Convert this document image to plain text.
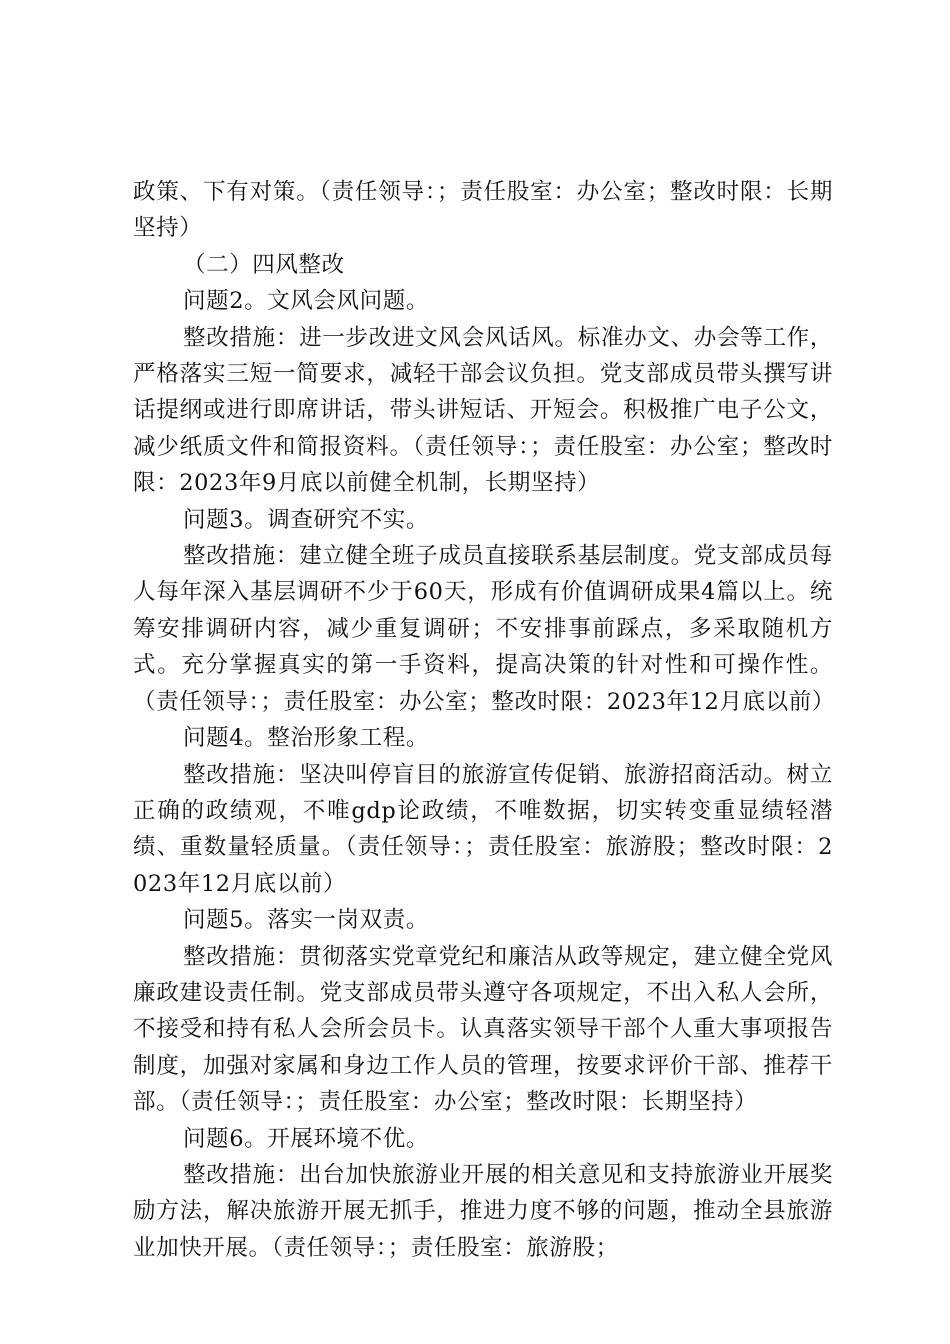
政策、下有对策。（责任领导：；责任股室：办公室；整改时限：长期坚持）

（二）四风整改

问题2。文风会风问题。

整改措施：进一步改进文风会风话风。标准办文、办会等工作，严格落实三短一简要求，减轻干部会议负担。党支部成员带头撰写讲话提纲或进行即席讲话，带头讲短话、开短会。积极推广电子公文，减少纸质文件和简报资料。（责任领导：；责任股室：办公室；整改时限：2023年9月底以前健全机制，长期坚持）

问题3。调查研究不实。

整改措施：建立健全班子成员直接联系基层制度。党支部成员每人每年深入基层调研不少于60天，形成有价值调研成果4篇以上。统筹安排调研内容，减少重复调研；不安排事前踩点，多采取随机方式。充分掌握真实的第一手资料，提高决策的针对性和可操作性。（责任领导：；责任股室：办公室；整改时限：2023年12月底以前）

问题4。整治形象工程。

整改措施：坚决叫停盲目的旅游宣传促销、旅游招商活动。树立正确的政绩观，不唯gdp论政绩，不唯数据，切实转变重显绩轻潜绩、重数量轻质量。（责任领导：；责任股室：旅游股；整改时限：2023年12月底以前）

问题5。落实一岗双责。

整改措施：贯彻落实党章党纪和廉洁从政等规定，建立健全党风廉政建设责任制。党支部成员带头遵守各项规定，不出入私人会所，不接受和持有私人会所会员卡。认真落实领导干部个人重大事项报告制度，加强对家属和身边工作人员的管理，按要求评价干部、推荐干部。（责任领导：；责任股室：办公室；整改时限：长期坚持）

问题6。开展环境不优。

整改措施：出台加快旅游业开展的相关意见和支持旅游业开展奖励方法，解决旅游开展无抓手，推进力度不够的问题，推动全县旅游业加快开展。（责任领导：；责任股室：旅游股；
